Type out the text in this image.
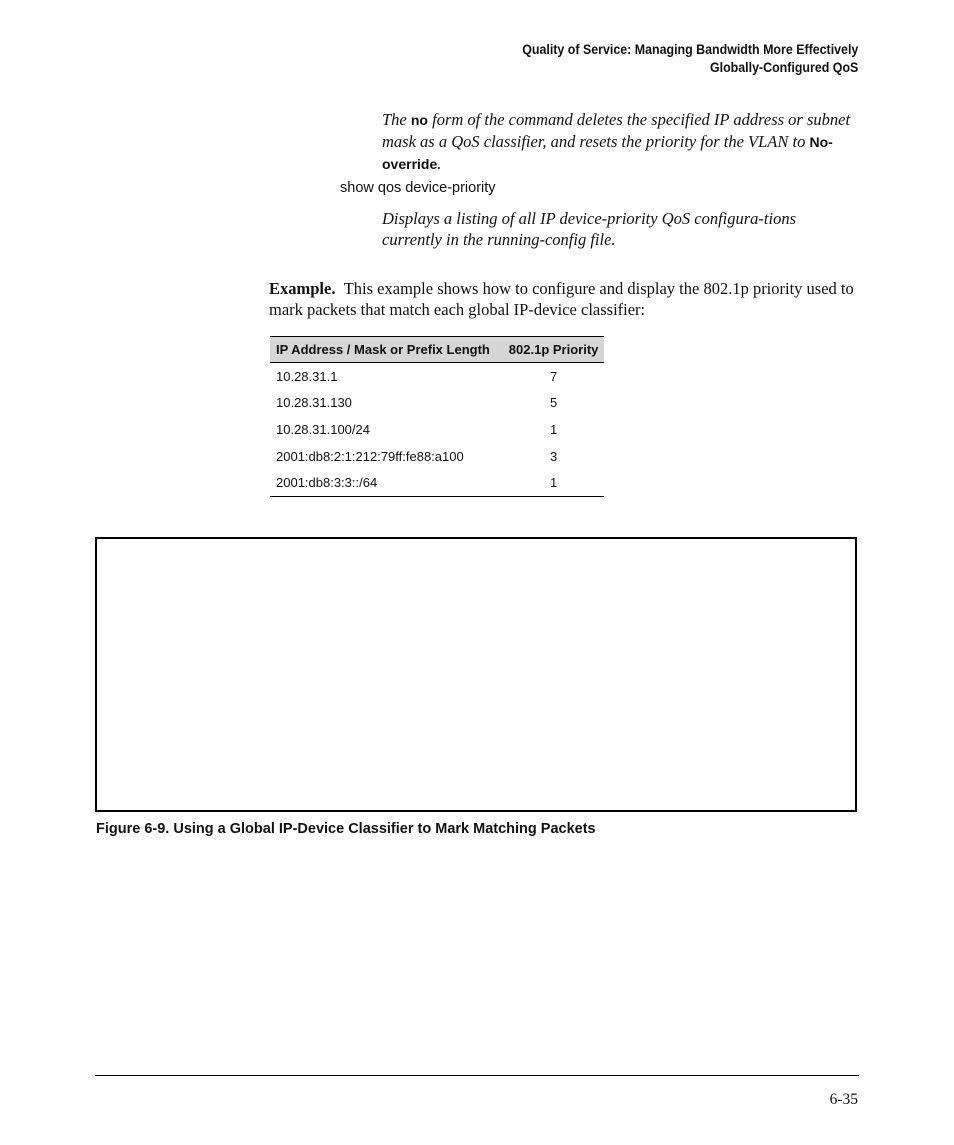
Quality of Service: Managing Bandwidth More Effectively
Globally-Configured QoS
The no form of the command deletes the specified IP address or subnet mask as a QoS classifier, and resets the priority for the VLAN to No-override.
show qos device-priority
Displays a listing of all IP device-priority QoS configura-tions currently in the running-config file.
Example. This example shows how to configure and display the 802.1p priority used to mark packets that match each global IP-device classifier:
IP Address / Mask or Prefix Length	802.1p Priority
10.28.31.1	7
10.28.31.130	5
10.28.31.100/24	1
2001:db8:2:1:212:79ff:fe88:a100	3
2001:db8:3:3::/64	1
Figure 6-9. Using a Global IP-Device Classifier to Mark Matching Packets
6-35
